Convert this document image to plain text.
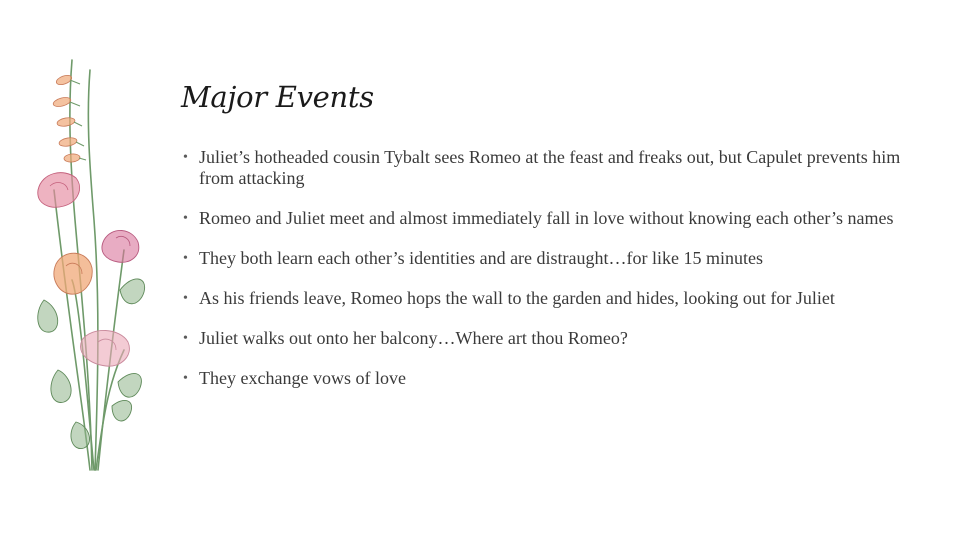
Major Events
• Juliet’s hotheaded cousin Tybalt sees Romeo at the feast and freaks out, but Capulet prevents him from attacking
• Romeo and Juliet meet and almost immediately fall in love without knowing each other’s names
• They both learn each other’s identities and are distraught…for like 15 minutes
• As his friends leave, Romeo hops the wall to the garden and hides, looking out for Juliet
• Juliet walks out onto her balcony…Where art thou Romeo?
• They exchange vows of love
